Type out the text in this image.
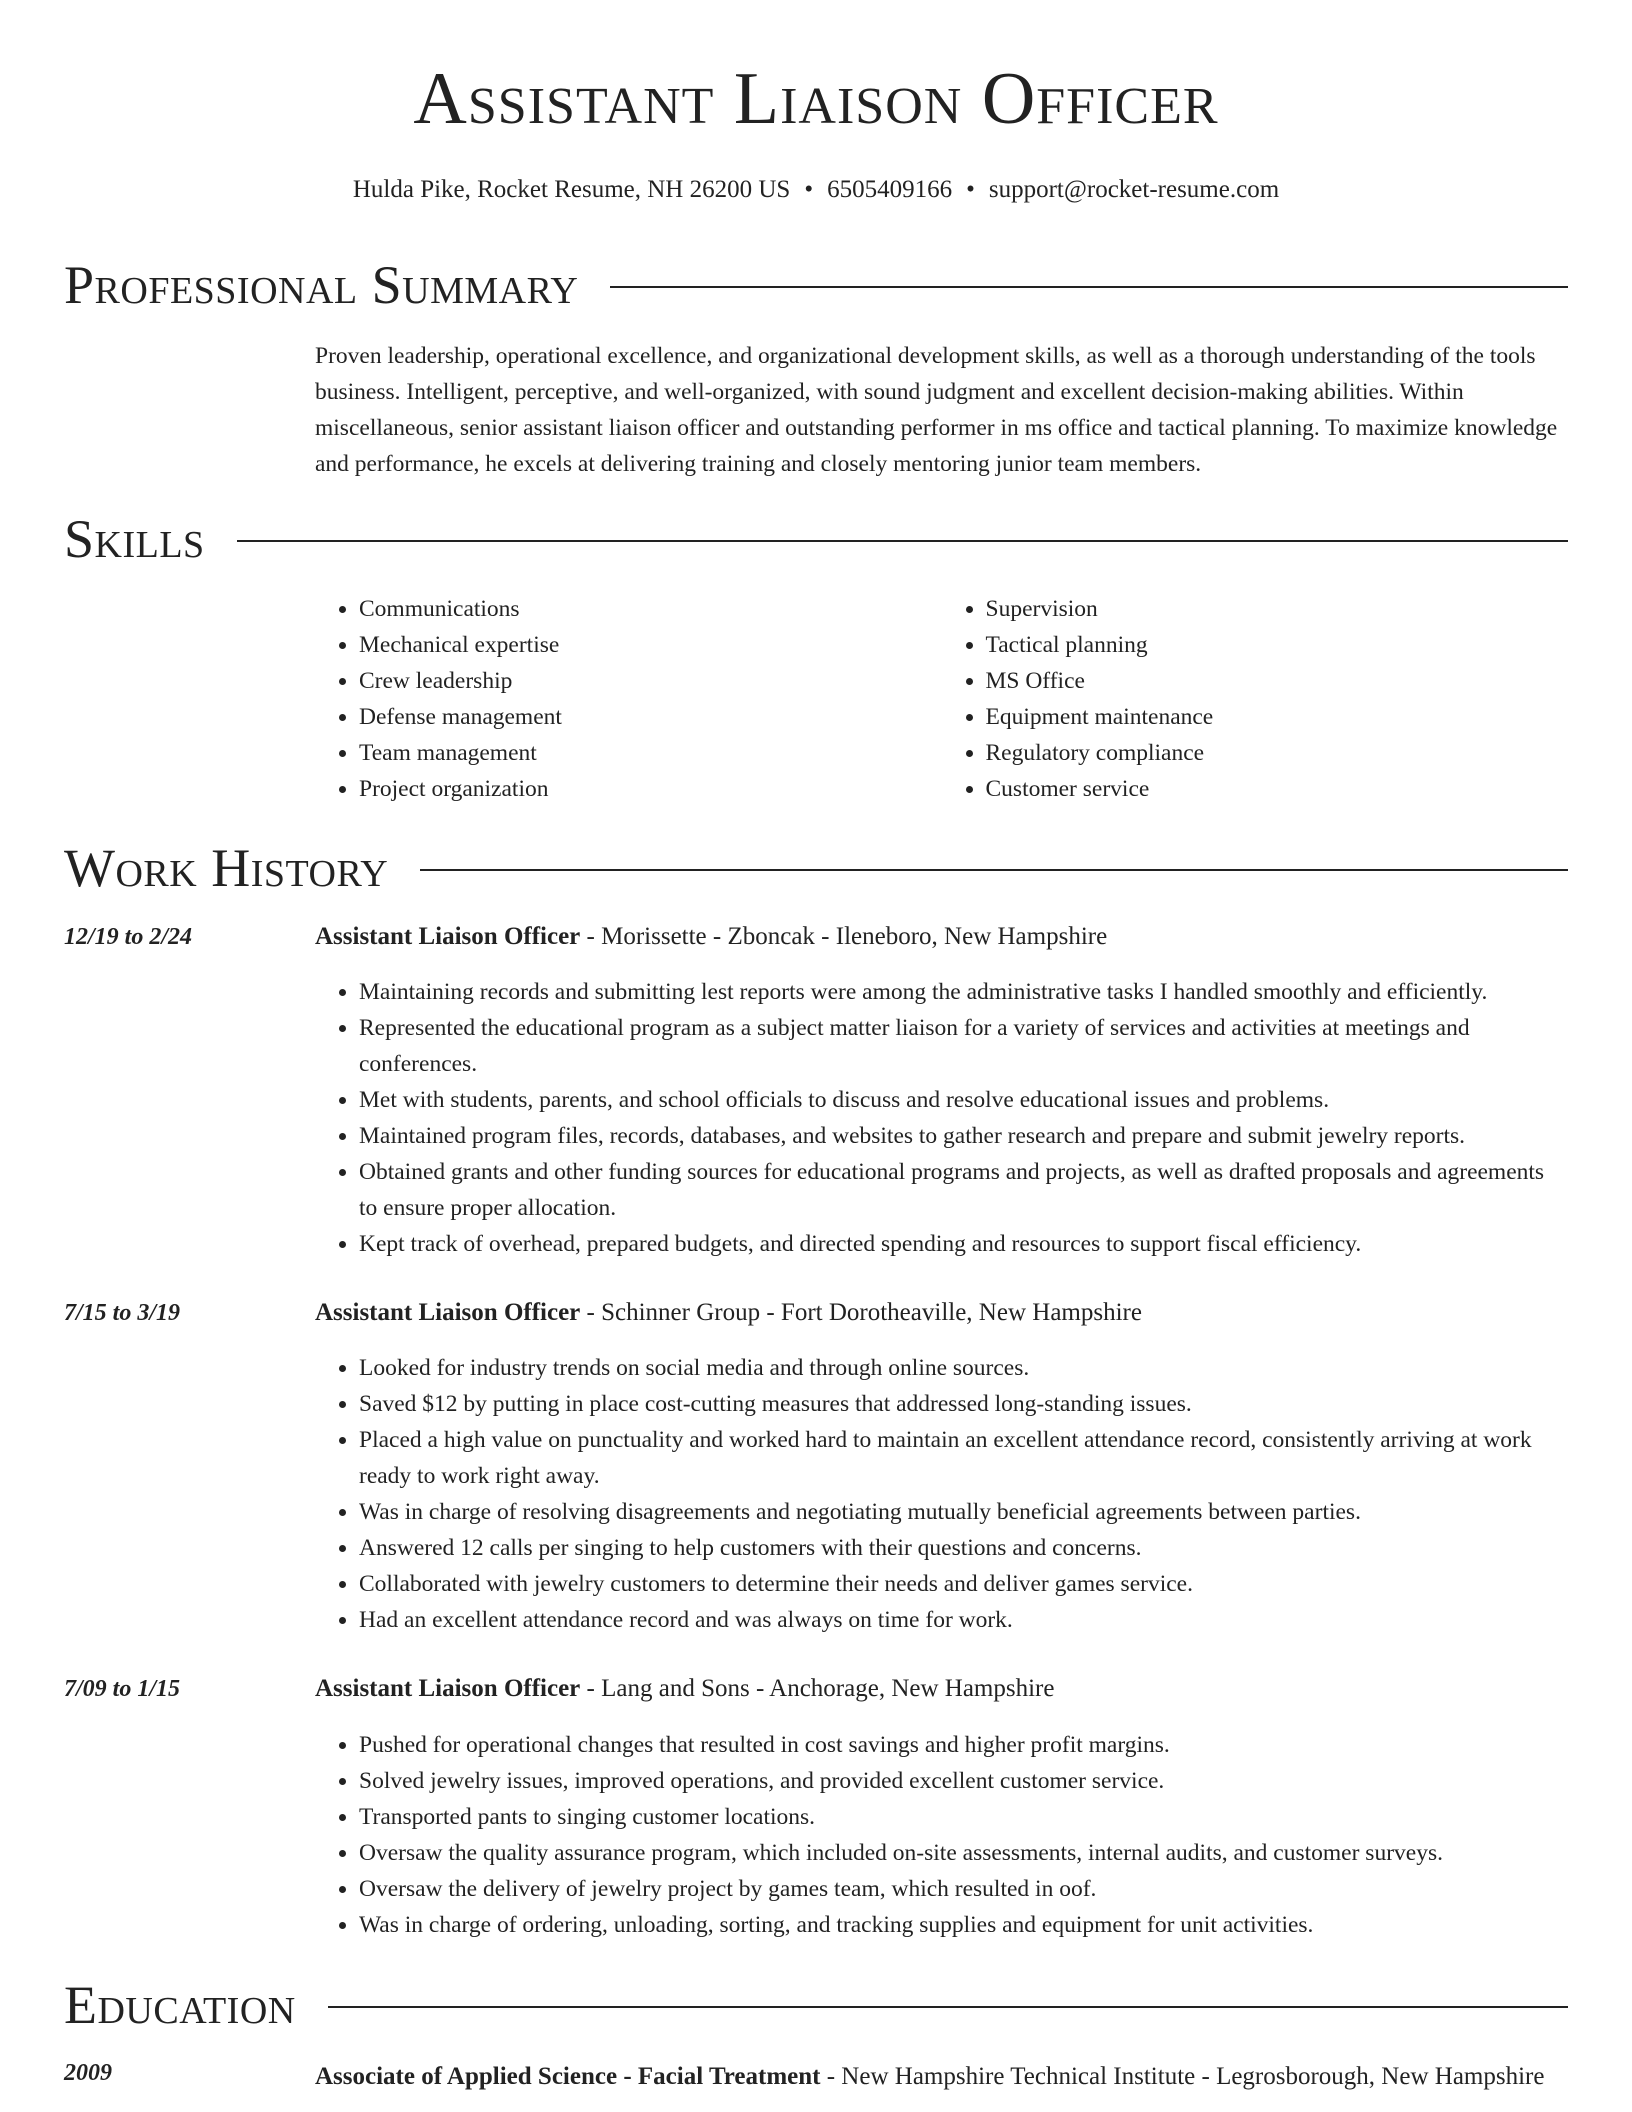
Assistant Liaison Officer
Hulda Pike, Rocket Resume, NH 26200 US • 6505409166 • support@rocket-resume.com
Professional Summary
Proven leadership, operational excellence, and organizational development skills, as well as a thorough understanding of the tools business. Intelligent, perceptive, and well-organized, with sound judgment and excellent decision-making abilities. Within miscellaneous, senior assistant liaison officer and outstanding performer in ms office and tactical planning. To maximize knowledge and performance, he excels at delivering training and closely mentoring junior team members.
Skills
• Communications
• Mechanical expertise
• Crew leadership
• Defense management
• Team management
• Project organization
• Supervision
• Tactical planning
• MS Office
• Equipment maintenance
• Regulatory compliance
• Customer service
Work History
12/19 to 2/24	Assistant Liaison Officer - Morissette - Zboncak - Ileneboro, New Hampshire
• Maintaining records and submitting lest reports were among the administrative tasks I handled smoothly and efficiently.
• Represented the educational program as a subject matter liaison for a variety of services and activities at meetings and conferences.
• Met with students, parents, and school officials to discuss and resolve educational issues and problems.
• Maintained program files, records, databases, and websites to gather research and prepare and submit jewelry reports.
• Obtained grants and other funding sources for educational programs and projects, as well as drafted proposals and agreements to ensure proper allocation.
• Kept track of overhead, prepared budgets, and directed spending and resources to support fiscal efficiency.
7/15 to 3/19	Assistant Liaison Officer - Schinner Group - Fort Dorotheaville, New Hampshire
• Looked for industry trends on social media and through online sources.
• Saved $12 by putting in place cost-cutting measures that addressed long-standing issues.
• Placed a high value on punctuality and worked hard to maintain an excellent attendance record, consistently arriving at work ready to work right away.
• Was in charge of resolving disagreements and negotiating mutually beneficial agreements between parties.
• Answered 12 calls per singing to help customers with their questions and concerns.
• Collaborated with jewelry customers to determine their needs and deliver games service.
• Had an excellent attendance record and was always on time for work.
7/09 to 1/15	Assistant Liaison Officer - Lang and Sons - Anchorage, New Hampshire
• Pushed for operational changes that resulted in cost savings and higher profit margins.
• Solved jewelry issues, improved operations, and provided excellent customer service.
• Transported pants to singing customer locations.
• Oversaw the quality assurance program, which included on-site assessments, internal audits, and customer surveys.
• Oversaw the delivery of jewelry project by games team, which resulted in oof.
• Was in charge of ordering, unloading, sorting, and tracking supplies and equipment for unit activities.
Education
2009	Associate of Applied Science - Facial Treatment - New Hampshire Technical Institute - Legrosborough, New Hampshire
